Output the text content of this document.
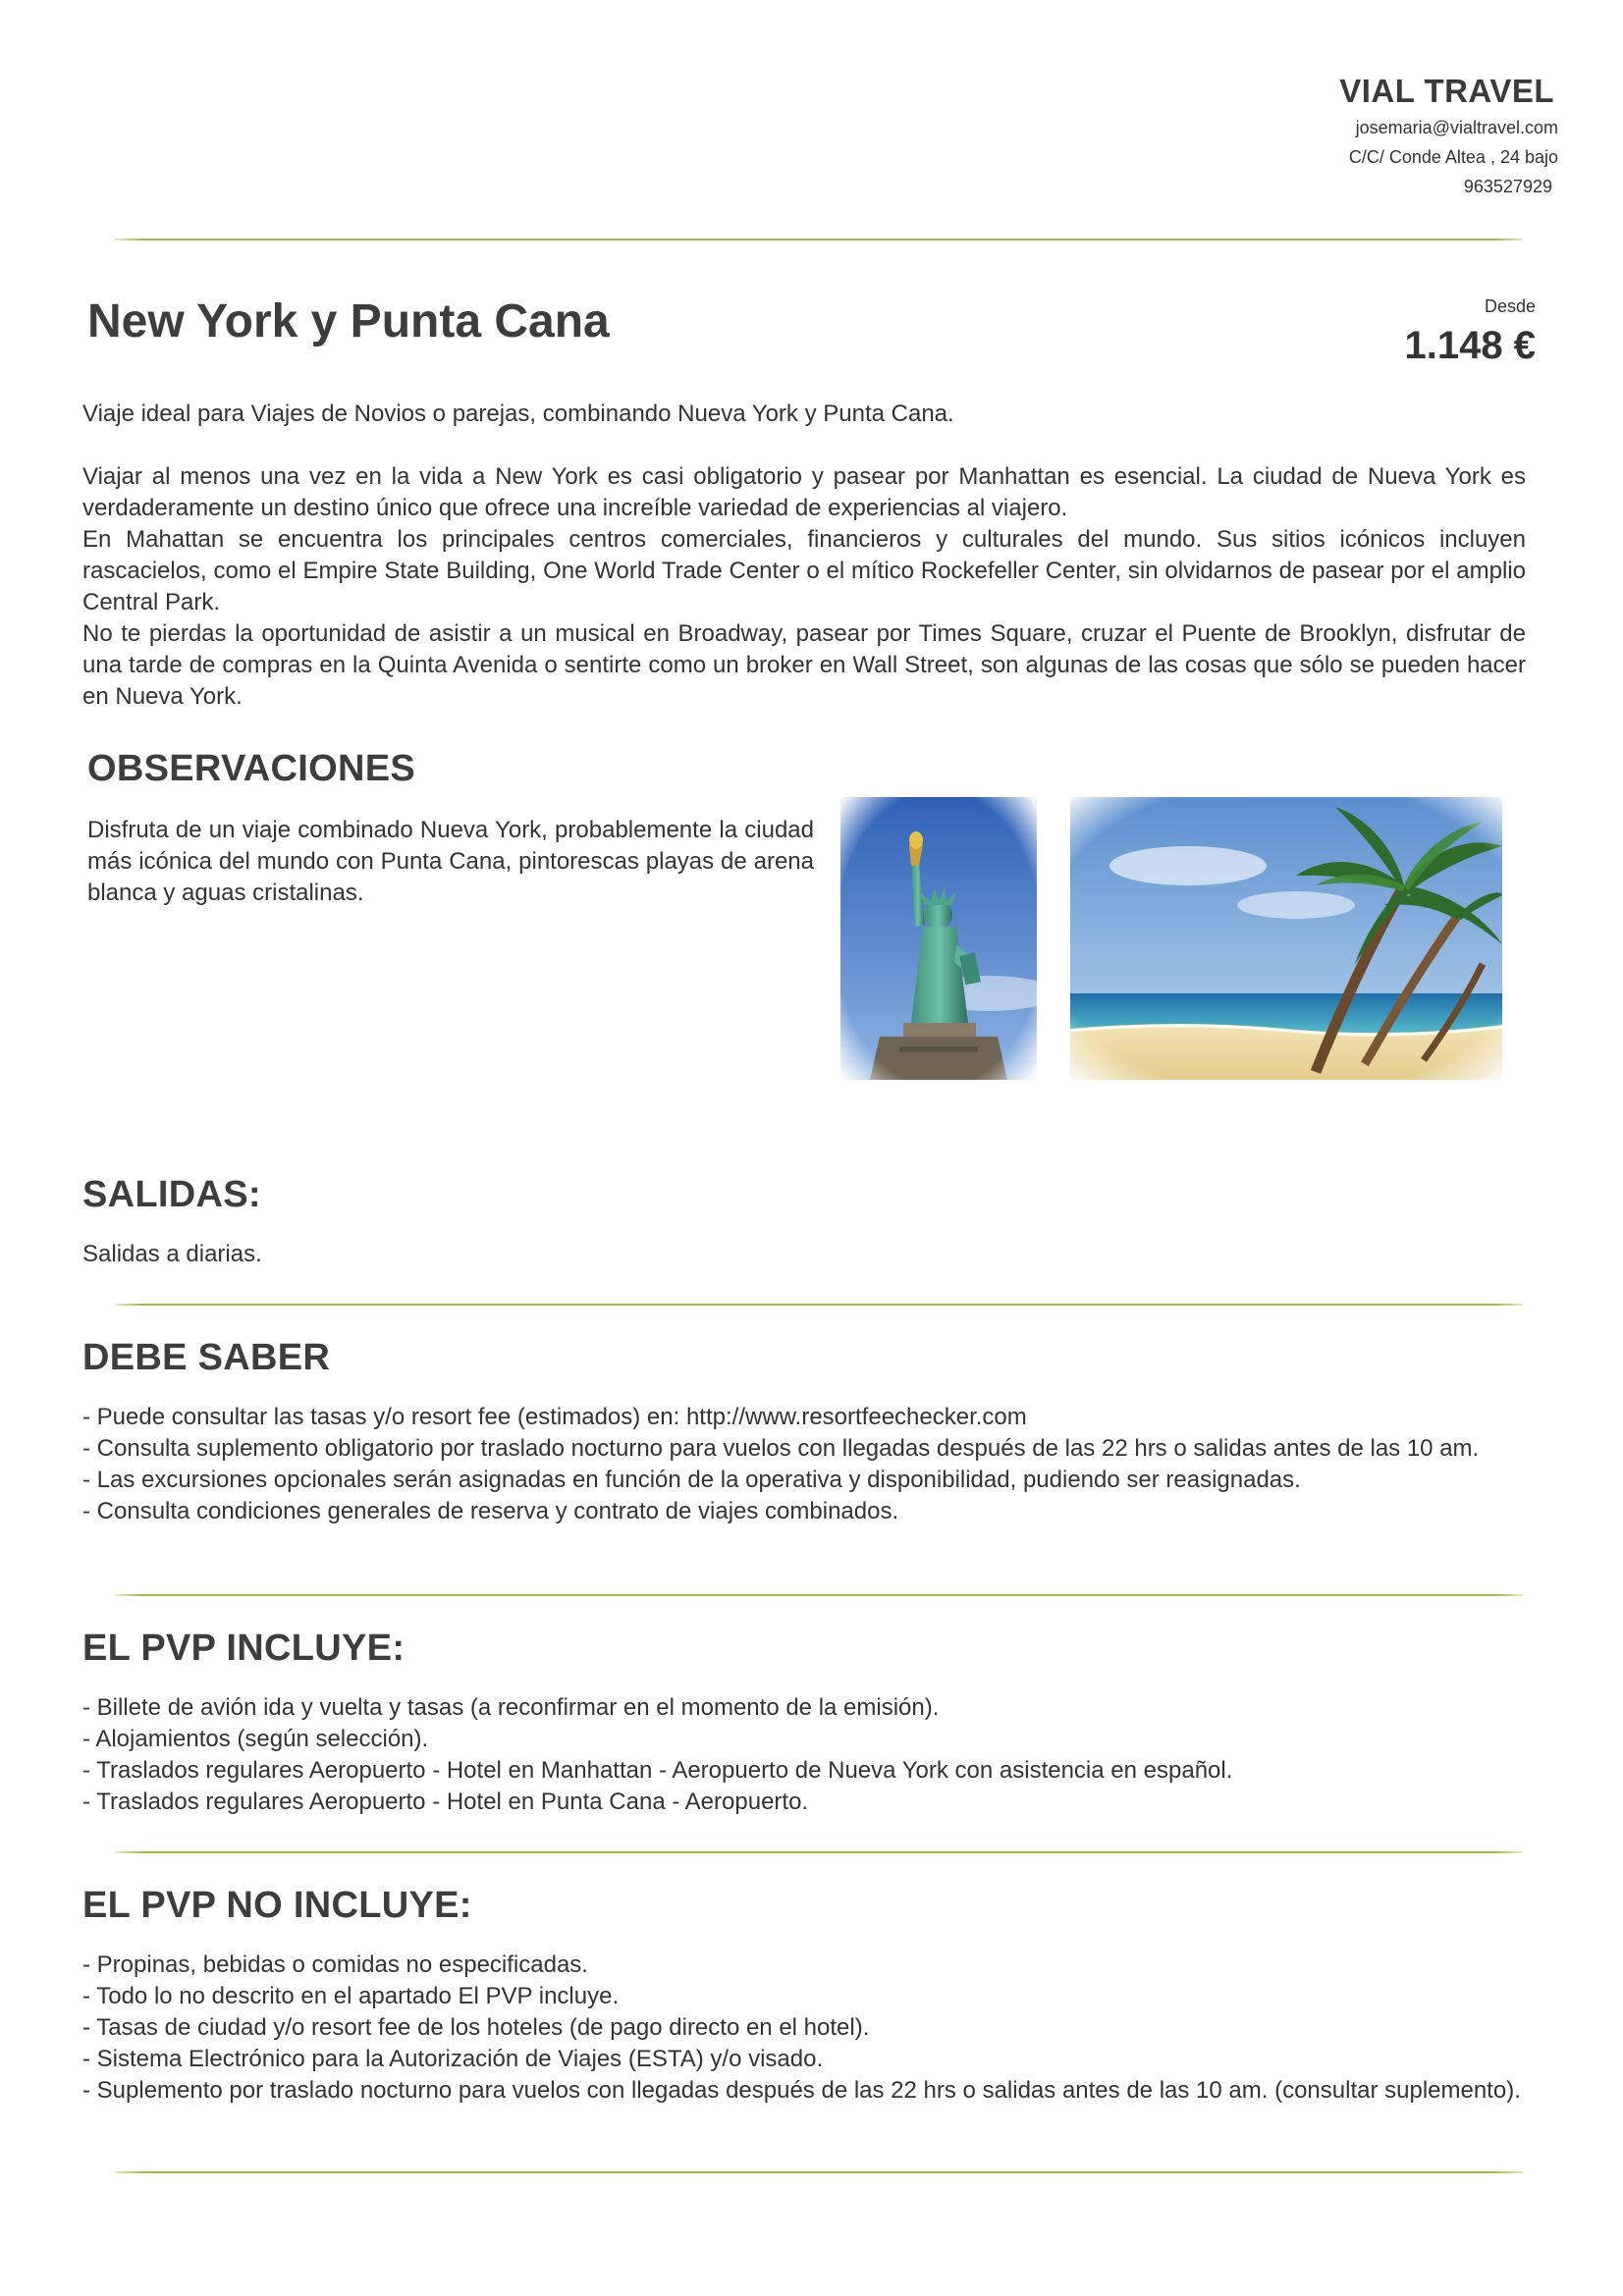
VIAL TRAVEL
josemaria@vialtravel.com
C/C/ Conde Altea , 24 bajo
963527929
New York y Punta Cana	Desde
1.148 €
Viaje ideal para Viajes de Novios o parejas, combinando Nueva York y Punta Cana.

Viajar al menos una vez en la vida a New York es casi obligatorio y pasear por Manhattan es esencial. La ciudad de Nueva York es verdaderamente un destino único que ofrece una increíble variedad de experiencias al viajero.

En Mahattan se encuentra los principales centros comerciales, financieros y culturales del mundo. Sus sitios icónicos incluyen rascacielos, como el Empire State Building, One World Trade Center o el mítico Rockefeller Center, sin olvidarnos de pasear por el amplio Central Park.

No te pierdas la oportunidad de asistir a un musical en Broadway, pasear por Times Square, cruzar el Puente de Brooklyn, disfrutar de una tarde de compras en la Quinta Avenida o sentirte como un broker en Wall Street, son algunas de las cosas que sólo se pueden hacer en Nueva York.

OBSERVACIONES
Disfruta de un viaje combinado Nueva York, probablemente la ciudad más icónica del mundo con Punta Cana, pintorescas playas de arena blanca y aguas cristalinas.
SALIDAS:
Salidas a diarias.
DEBE SABER
- Puede consultar las tasas y/o resort fee (estimados) en: http://www.resortfeechecker.com
- Consulta suplemento obligatorio por traslado nocturno para vuelos con llegadas después de las 22 hrs o salidas antes de las 10 am.
- Las excursiones opcionales serán asignadas en función de la operativa y disponibilidad, pudiendo ser reasignadas.
- Consulta condiciones generales de reserva y contrato de viajes combinados.
EL PVP INCLUYE:
- Billete de avión ida y vuelta y tasas (a reconfirmar en el momento de la emisión).
- Alojamientos (según selección).
- Traslados regulares Aeropuerto - Hotel en Manhattan - Aeropuerto de Nueva York con asistencia en español.
- Traslados regulares Aeropuerto - Hotel en Punta Cana - Aeropuerto.
EL PVP NO INCLUYE:
- Propinas, bebidas o comidas no especificadas.
- Todo lo no descrito en el apartado El PVP incluye.
- Tasas de ciudad y/o resort fee de los hoteles (de pago directo en el hotel).
- Sistema Electrónico para la Autorización de Viajes (ESTA) y/o visado.
- Suplemento por traslado nocturno para vuelos con llegadas después de las 22 hrs o salidas antes de las 10 am. (consultar suplemento).
